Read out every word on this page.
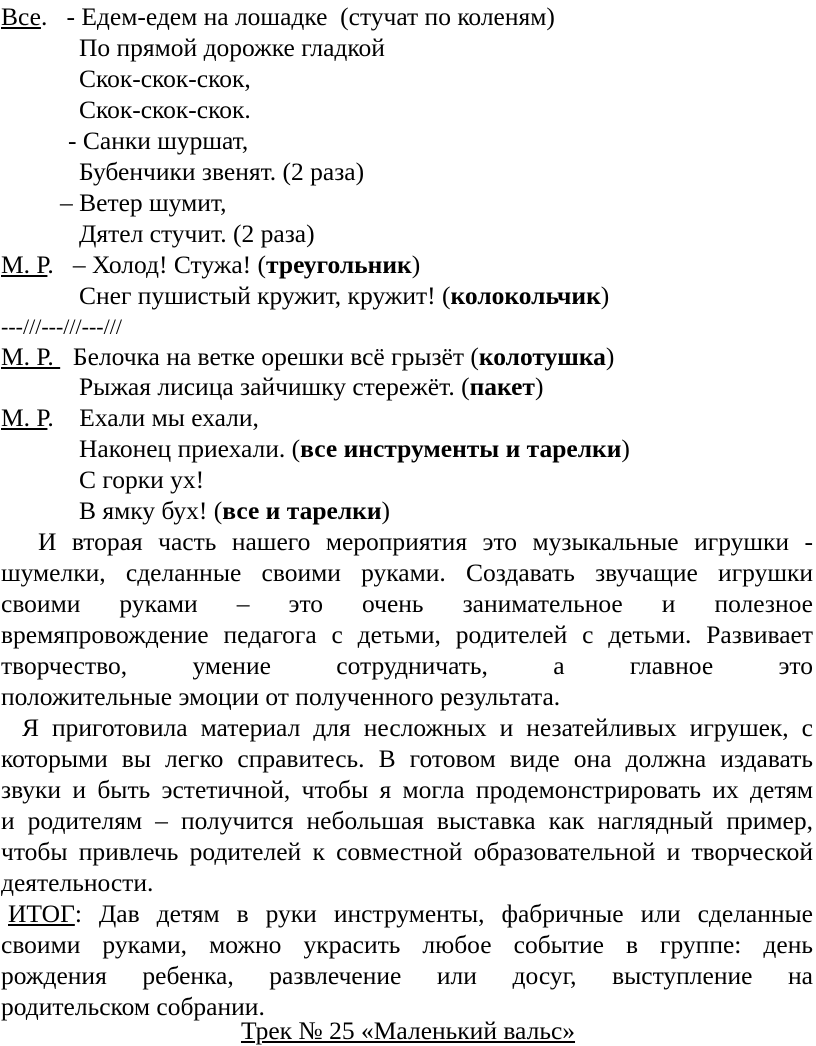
Все.   - Едем-едем на лошадке  (стучат по коленям)
По прямой дорожке гладкой
Скок-скок-скок,
Скок-скок-скок.
- Санки шуршат,
Бубенчики звенят. (2 раза)
– Ветер шумит,
Дятел стучит. (2 раза)
М. Р.   – Холод! Стужа! (треугольник)
Снег пушистый кружит, кружит! (колокольчик)
---///---///---///
М. Р.   Белочка на ветке орешки всё грызёт (колотушка)
Рыжая лисица зайчишку стережёт. (пакет)
М. Р.    Ехали мы ехали,
Наконец приехали. (все инструменты и тарелки)
С горки ух!
В ямку бух! (все и тарелки)
И вторая часть нашего мероприятия это музыкальные игрушки -
шумелки, сделанные своими руками. Создавать звучащие игрушки
своими руками – это очень занимательное и полезное
времяпровождение педагога с детьми, родителей с детьми. Развивает
творчество, умение сотрудничать, а главное это
положительные эмоции от полученного результата.
Я приготовила материал для несложных и незатейливых игрушек, с
которыми вы легко справитесь. В готовом виде она должна издавать
звуки и быть эстетичной, чтобы я могла продемонстрировать их детям
и родителям – получится небольшая выставка как наглядный пример,
чтобы привлечь родителей к совместной образовательной и творческой
деятельности.
ИТОГ: Дав детям в руки инструменты, фабричные или сделанные
своими руками, можно украсить любое событие в группе: день
рождения ребенка, развлечение или досуг, выступление на
родительском собрании.
Трек № 25 «Маленький вальс»
